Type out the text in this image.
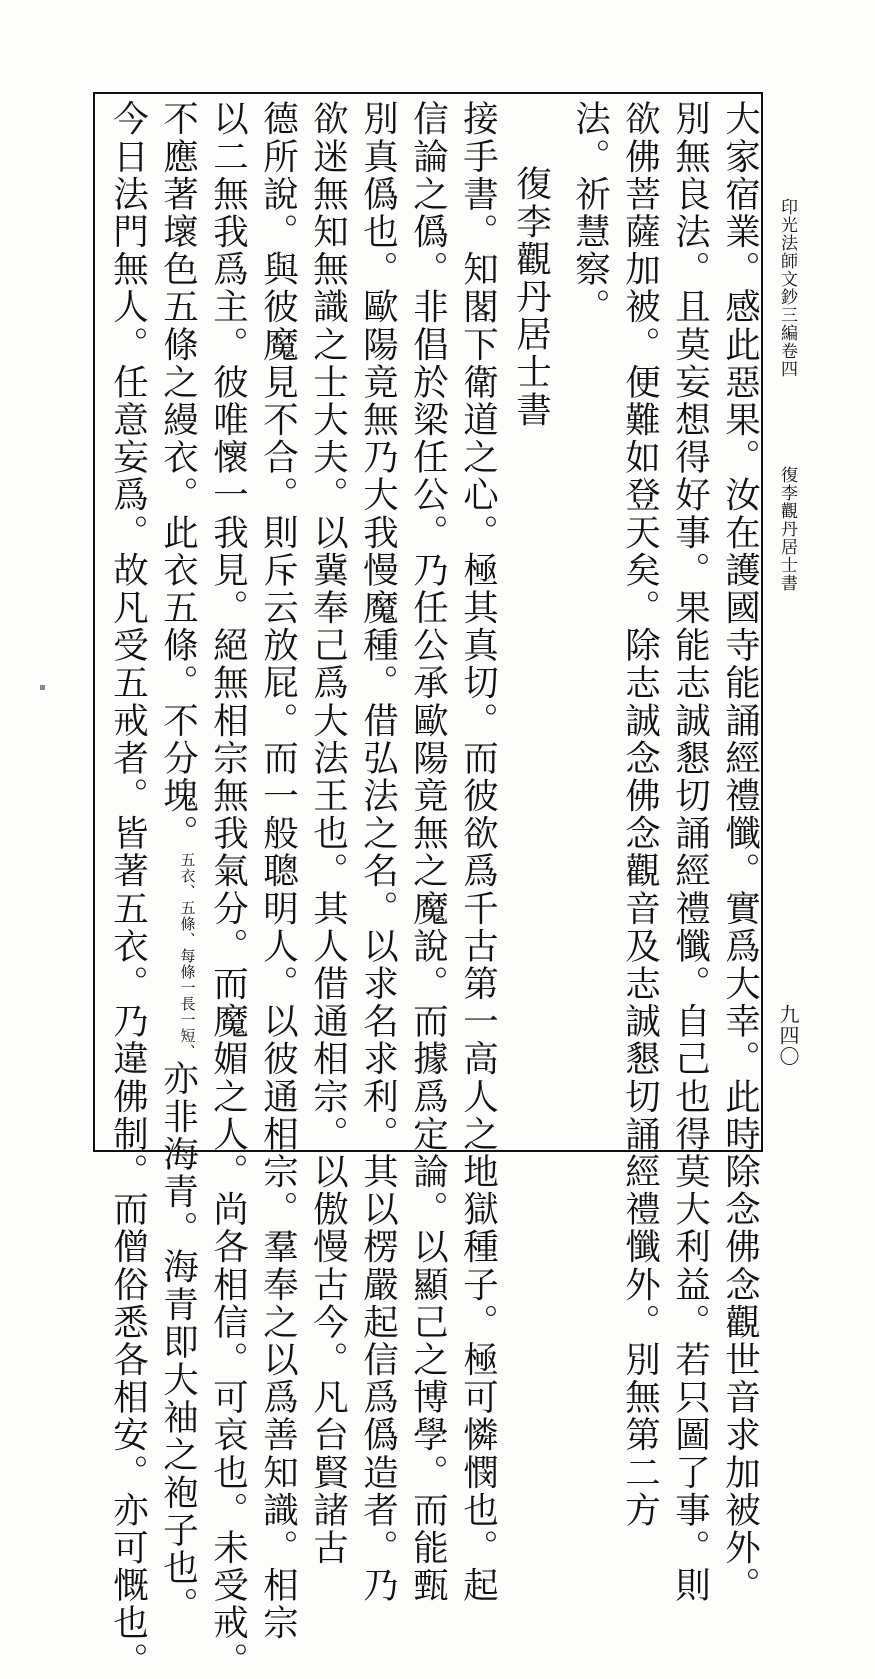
印光法師文鈔三編卷四
復李觀丹居士書
九四〇
法。祈慧察。 欲佛菩薩加被。便難如登天矣。除志誠念佛念觀音及志誠懇切誦經禮懺外。別無第二方 別無良法。且莫妄想得好事。果能志誠懇切誦經禮懺。自己也得莫大利益。若只圖了事。則 大家宿業。感此惡果。汝在護國寺能誦經禮懺。實爲大幸。此時除念佛念觀世音求加被外。
復李觀丹居士書
接手書。知閣下衛道之心。極其真切。而彼欲爲千古第一高人之地獄種子。極可憐憫也。起
信論之僞。非倡於梁任公。乃任公承歐陽竟無之魔說。而據爲定論。以顯己之博學。而能甄
別真僞也。歐陽竟無乃大我慢魔種。借弘法之名。以求名求利。其以楞嚴起信爲僞造者。乃
欲迷無知無識之士大夫。以冀奉己爲大法王也。其人借通相宗。以傲慢古今。凡台賢諸古
德所說。與彼魔見不合。則斥云放屁。而一般聰明人。以彼通相宗。羣奉之以爲善知識。相宗
以二無我爲主。彼唯懷一我見。絕無相宗無我氣分。而魔媚之人。尚各相信。可哀也。未受戒。
不應著壞色五條之縵衣。此衣五條。不分塊。五衣、五條、每條一長一短、亦非海青。海青即大袖之袍子也。
今日法門無人。任意妄爲。故凡受五戒者。皆著五衣。乃違佛制。而僧俗悉各相安。亦可慨也。
